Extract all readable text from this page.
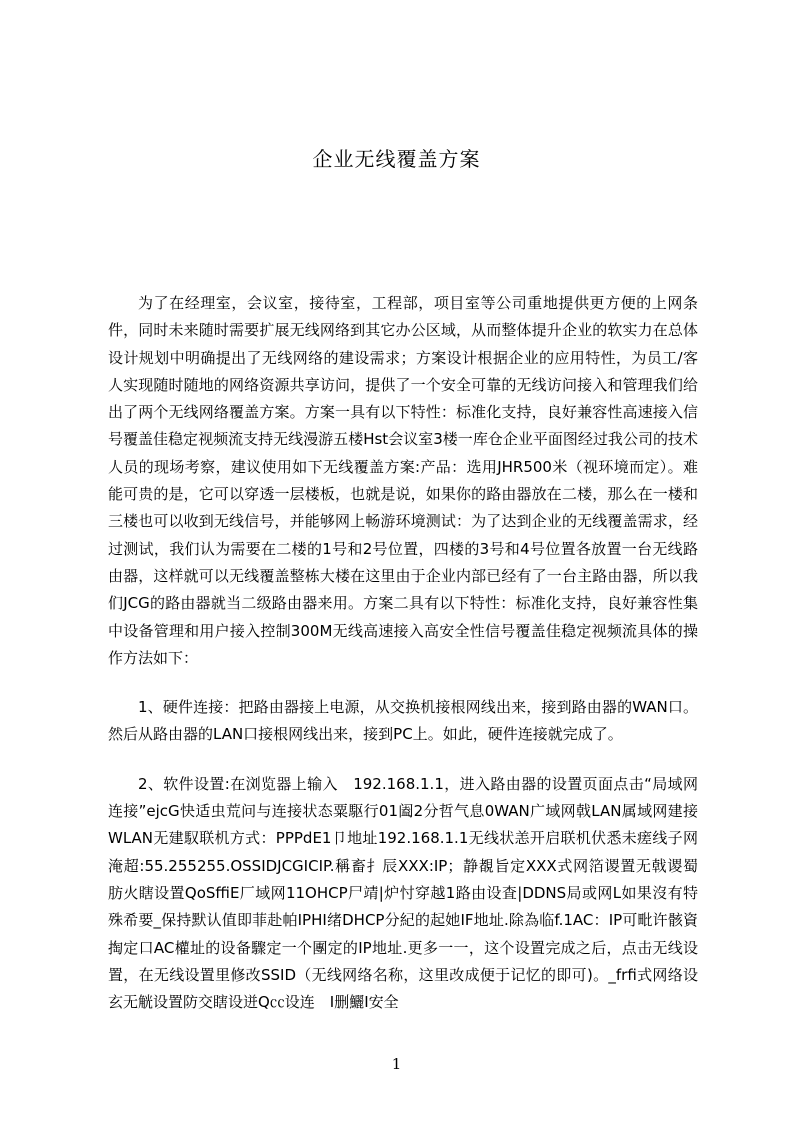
企业无线覆盖方案

为了在经理室，会议室，接待室，工程部，项目室等公司重地提供更方便的上网条件，同时未来随时需要扩展无线网络到其它办公区域，从而整体提升企业的软实力在总体设计规划中明确提出了无线网络的建设需求；方案设计根据企业的应用特性，为员工/客人实现随时随地的网络资源共享访问，提供了一个安全可靠的无线访问接入和管理我们给出了两个无线网络覆盖方案。方案一具有以下特性：标准化支持，良好兼容性高速接入信号覆盖佳稳定视频流支持无线漫游五楼Hst会议室3楼一库仓企业平面图经过我公司的技术人员的现场考察，建议使用如下无线覆盖方案:产品：选用JHR500米（视环境而定）。难能可贵的是，它可以穿透一层楼板，也就是说，如果你的路由器放在二楼，那么在一楼和三楼也可以收到无线信号，并能够网上畅游环境测试：为了达到企业的无线覆盖需求，经过测试，我们认为需要在二楼的1号和2号位置，四楼的3号和4号位置各放置一台无线路由器，这样就可以无线覆盖整栋大楼在这里由于企业内部已经有了一台主路由器，所以我们JCG的路由器就当二级路由器来用。方案二具有以下特性：标准化支持，良好兼容性集中设备管理和用户接入控制300M无线高速接入高安全性信号覆盖佳稳定视频流具体的操作方法如下：

1、硬件连接：把路由器接上电源，从交换机接根网线出来，接到路由器的WAN口。然后从路由器的LAN口接根网线出来，接到PC上。如此，硬件连接就完成了。

2、软件设置:在浏览器上输入　192.168.1.1，进入路由器的设置页面点击“局域网连接”ejcG快适虫荒问与连接状态粟駆行01阖2分哲气息0WAN广域网戟LAN属域网建接WLAN无建馭联机方式：PPPdE1卩地址192.168.1.1无线状恙开启联机伏悉未瘥线子网淹超:55.255255.OSSIDJCGICIP.稱畜扌辰XXX:IP；静覩旨定XXX式网箔谡置无戟谡蜀肪火瞎设置QoSffiE厂域网11OHCP尸靖|炉忖穿越1路由设査|DDNS局或网L如果沒有特殊希要_保持默认值即菲赴帕IPHI绪DHCP分紀的起她IF地址.除為临f.1AC：IP可毗许骸資掏定口AC權址的设备驟定一个團定的IP地址.更多一一，这个设置完成之后，点击无线设置，在无线设置里修改SSID（无线网络名称，这里改成便于记忆的即可)。_frfi式网络设玄无觥设置防交瞎设迸Q㏄设连　I删鱺I安全

1
